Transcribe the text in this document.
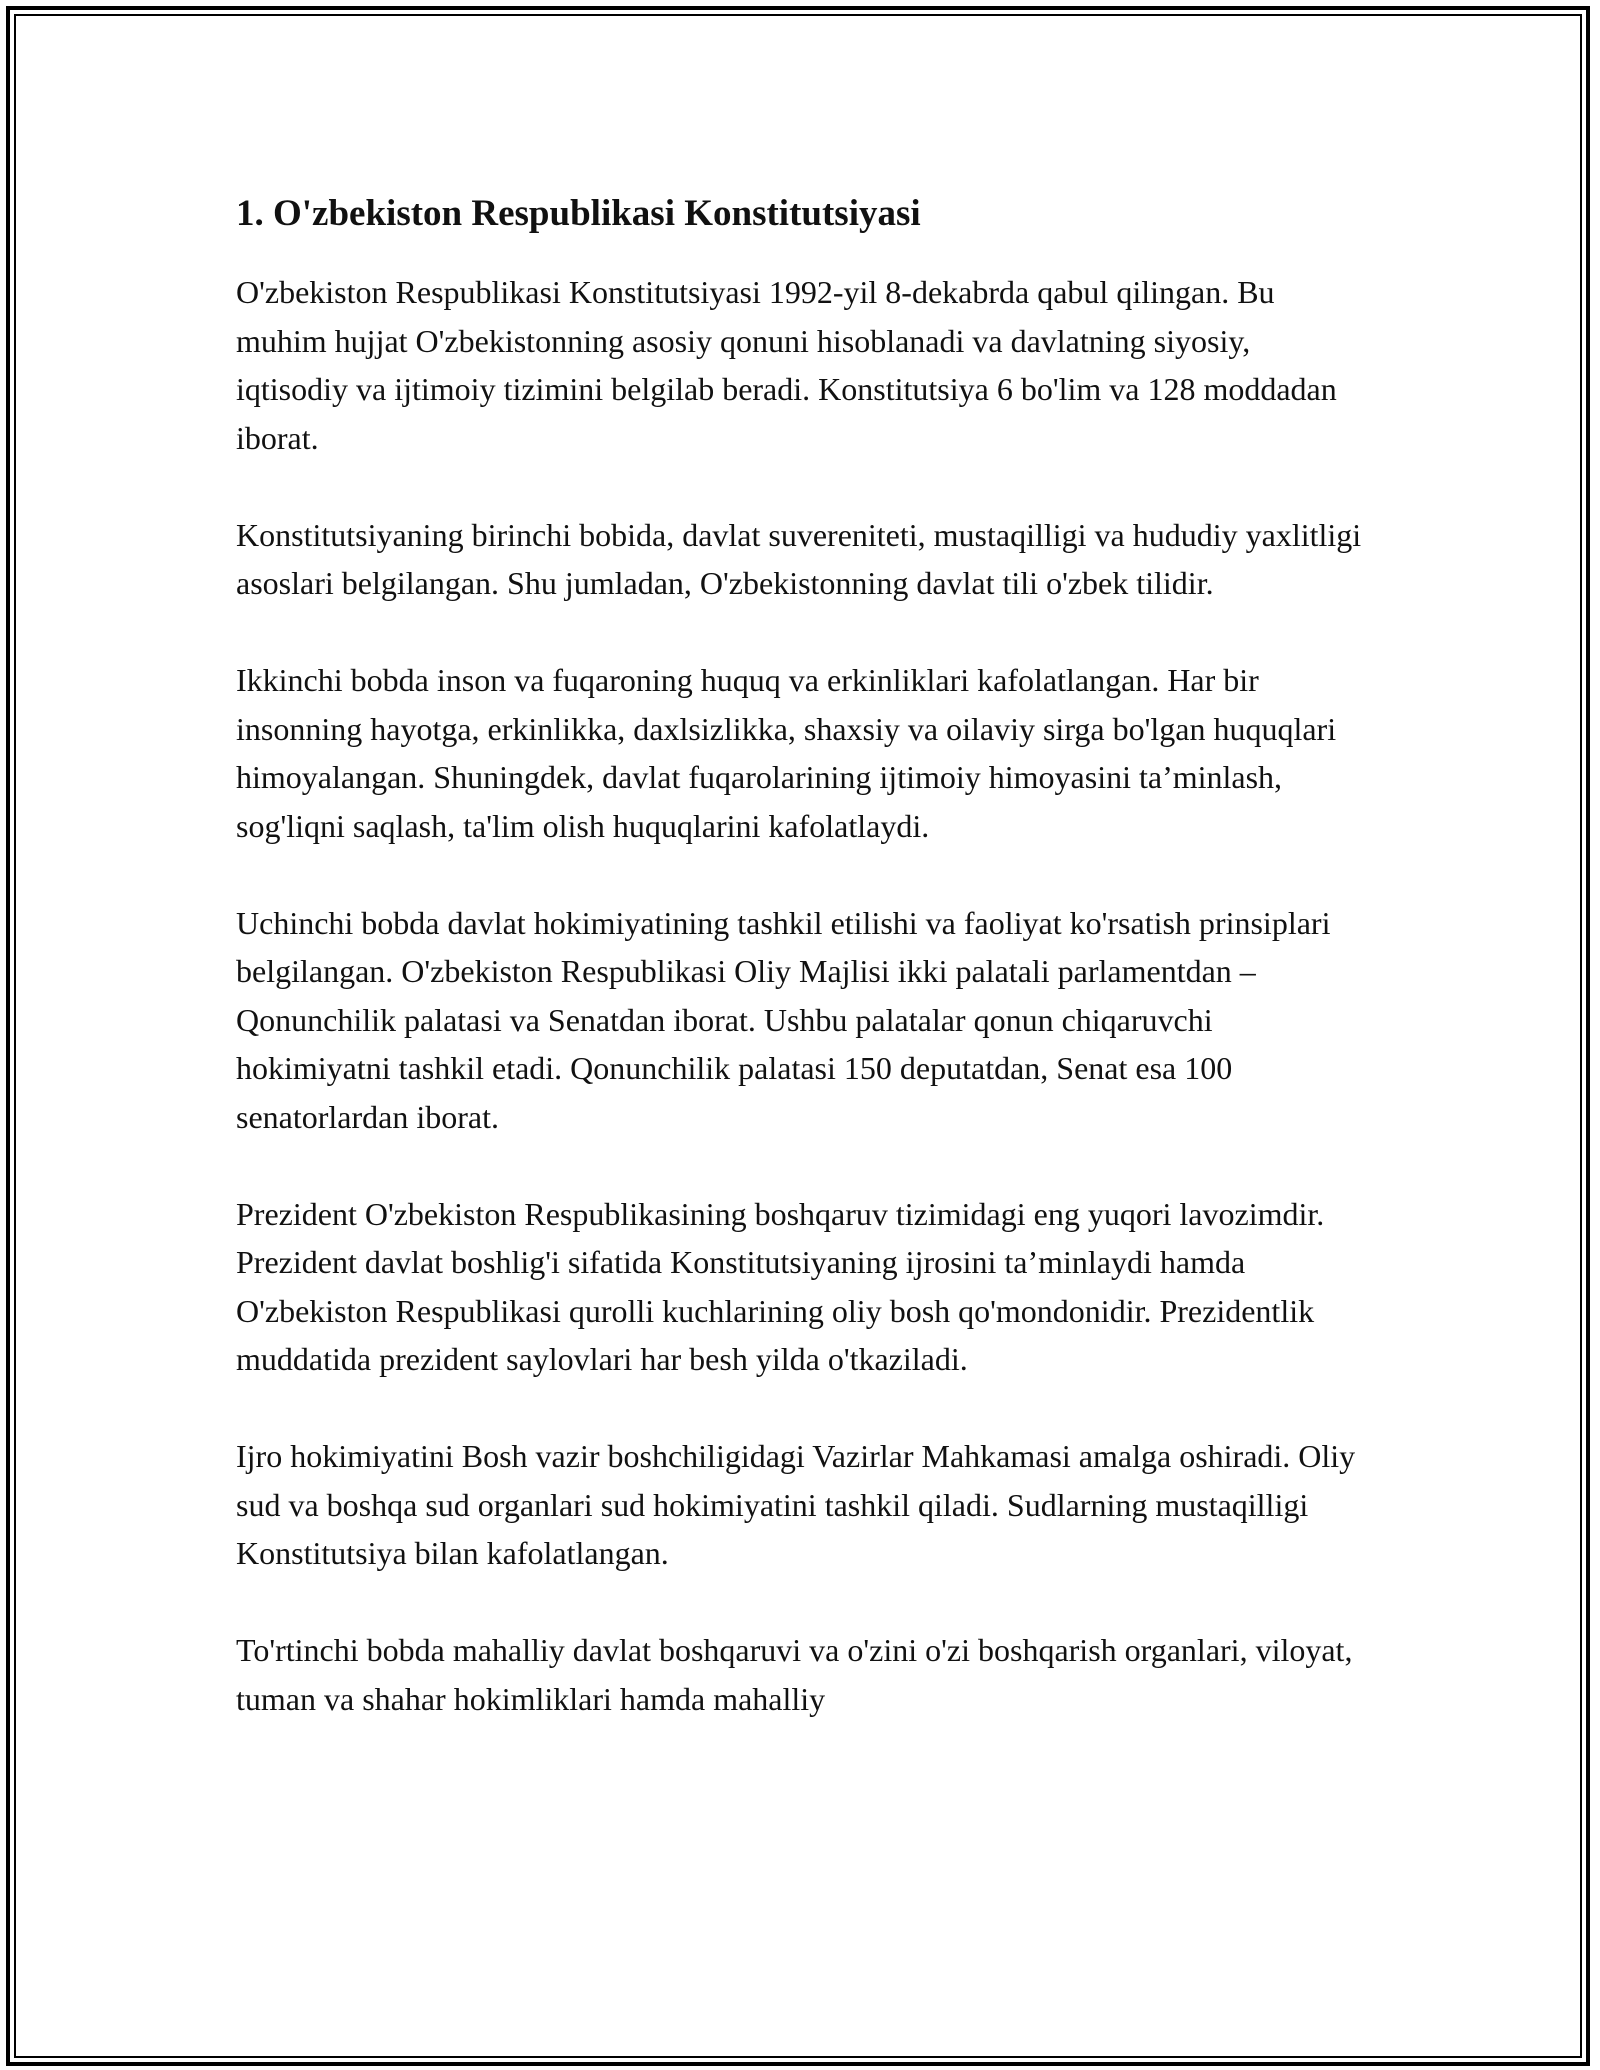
1. O'zbekiston Respublikasi Konstitutsiyasi

O'zbekiston Respublikasi Konstitutsiyasi 1992-yil 8-dekabrda qabul qilingan. Bu muhim hujjat O'zbekistonning asosiy qonuni hisoblanadi va davlatning siyosiy, iqtisodiy va ijtimoiy tizimini belgilab beradi. Konstitutsiya 6 bo'lim va 128 moddadan iborat.

Konstitutsiyaning birinchi bobida, davlat suvereniteti, mustaqilligi va hududiy yaxlitligi asoslari belgilangan. Shu jumladan, O'zbekistonning davlat tili o'zbek tilidir.

Ikkinchi bobda inson va fuqaroning huquq va erkinliklari kafolatlangan. Har bir insonning hayotga, erkinlikka, daxlsizlikka, shaxsiy va oilaviy sirga bo'lgan huquqlari himoyalangan. Shuningdek, davlat fuqarolarining ijtimoiy himoyasini ta’minlash, sog'liqni saqlash, ta'lim olish huquqlarini kafolatlaydi.

Uchinchi bobda davlat hokimiyatining tashkil etilishi va faoliyat ko'rsatish prinsiplari belgilangan. O'zbekiston Respublikasi Oliy Majlisi ikki palatali parlamentdan – Qonunchilik palatasi va Senatdan iborat. Ushbu palatalar qonun chiqaruvchi hokimiyatni tashkil etadi. Qonunchilik palatasi 150 deputatdan, Senat esa 100 senatorlardan iborat.

Prezident O'zbekiston Respublikasining boshqaruv tizimidagi eng yuqori lavozimdir. Prezident davlat boshlig'i sifatida Konstitutsiyaning ijrosini ta’minlaydi hamda O'zbekiston Respublikasi qurolli kuchlarining oliy bosh qo'mondonidir. Prezidentlik muddatida prezident saylovlari har besh yilda o'tkaziladi.

Ijro hokimiyatini Bosh vazir boshchiligidagi Vazirlar Mahkamasi amalga oshiradi. Oliy sud va boshqa sud organlari sud hokimiyatini tashkil qiladi. Sudlarning mustaqilligi Konstitutsiya bilan kafolatlangan.

To'rtinchi bobda mahalliy davlat boshqaruvi va o'zini o'zi boshqarish organlari, viloyat, tuman va shahar hokimliklari hamda mahalliy
